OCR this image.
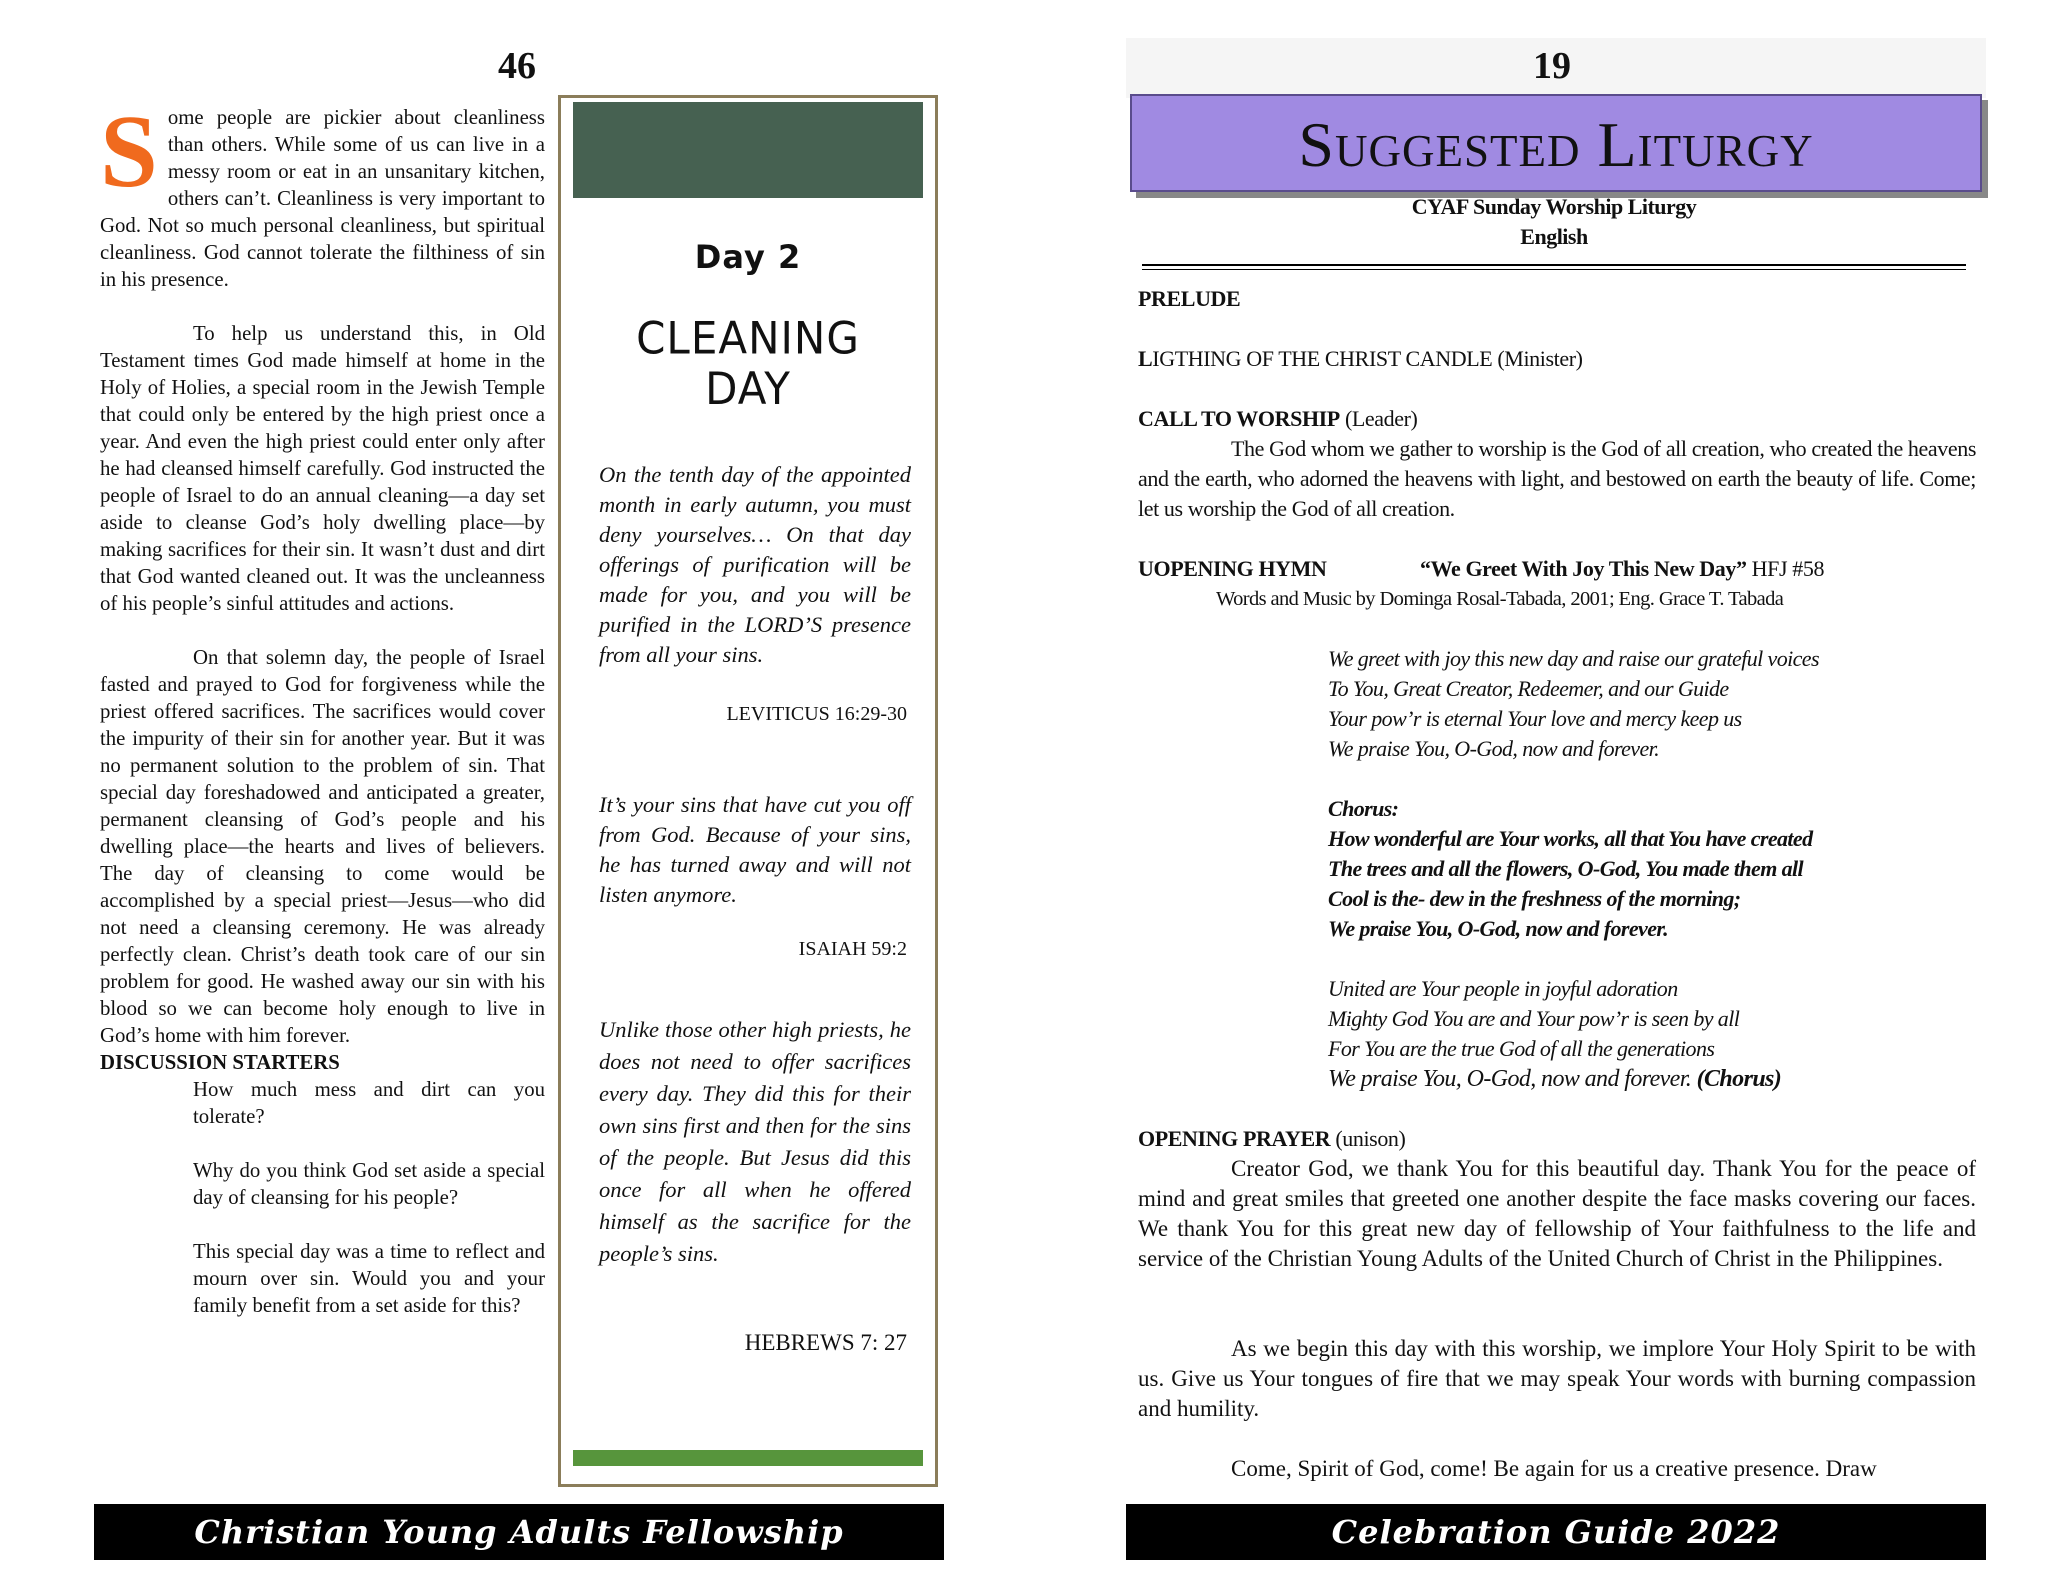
46

Some people are pickier about cleanliness than others. While some of us can live in a messy room or eat in an unsanitary kitchen, others can’t. Cleanliness is very important to God. Not so much personal cleanliness, but spiritual cleanliness. God cannot tolerate the filthiness of sin in his presence.

To help us understand this, in Old Testament times God made himself at home in the Holy of Holies, a special room in the Jewish Temple that could only be entered by the high priest once a year. And even the high priest could enter only after he had cleansed himself carefully. God instructed the people of Israel to do an annual cleaning—a day set aside to cleanse God’s holy dwelling place—by making sacrifices for their sin. It wasn’t dust and dirt that God wanted cleaned out. It was the uncleanness of his people’s sinful attitudes and actions.

On that solemn day, the people of Israel fasted and prayed to God for forgiveness while the priest offered sacrifices. The sacrifices would cover the impurity of their sin for another year. But it was no permanent solution to the problem of sin. That special day foreshadowed and anticipated a greater, permanent cleansing of God’s people and his dwelling place—the hearts and lives of believers. The day of cleansing to come would be accomplished by a special priest—Jesus—who did not need a cleansing ceremony. He was already perfectly clean. Christ’s death took care of our sin problem for good. He washed away our sin with his blood so we can become holy enough to live in God’s home with him forever.

DISCUSSION STARTERS

How much mess and dirt can you tolerate?

Why do you think God set aside a special day of cleansing for his people?

This special day was a time to reflect and mourn over sin. Would you and your family benefit from a set aside for this?

Day 2
CLEANING
DAY
On the tenth day of the appointed month in early autumn, you must deny yourselves… On that day offerings of purification will be made for you, and you will be purified in the LORD’S presence from all your sins.
LEVITICUS 16:29-30
It’s your sins that have cut you off from God. Because of your sins, he has turned away and will not listen anymore.
ISAIAH 59:2
Unlike those other high priests, he does not need to offer sacrifices every day. They did this for their own sins first and then for the sins of the people. But Jesus did this once for all when he offered himself as the sacrifice for the people’s sins.
HEBREWS 7: 27
Christian Young Adults Fellowship
19
Suggested Liturgy
CYAF Sunday Worship Liturgy
English
PRELUDE
LIGTHING OF THE CHRIST CANDLE (Minister)
CALL TO WORSHIP (Leader)
The God whom we gather to worship is the God of all creation, who created the heavens and the earth, who adorned the heavens with light, and bestowed on earth the beauty of life. Come; let us worship the God of all creation.
UOPENING HYMN	“We Greet With Joy This New Day” HFJ #58
Words and Music by Dominga Rosal-Tabada, 2001; Eng. Grace T. Tabada
We greet with joy this new day and raise our grateful voices
To You, Great Creator, Redeemer, and our Guide
Your pow’r is eternal Your love and mercy keep us
We praise You, O-God, now and forever.
Chorus:
How wonderful are Your works, all that You have created
The trees and all the flowers, O-God, You made them all
Cool is the- dew in the freshness of the morning;
We praise You, O-God, now and forever.
United are Your people in joyful adoration
Mighty God You are and Your pow’r is seen by all
For You are the true God of all the generations
We praise You, O-God, now and forever. (Chorus)
OPENING PRAYER (unison)
Creator God, we thank You for this beautiful day. Thank You for the peace of mind and great smiles that greeted one another despite the face masks covering our faces. We thank You for this great new day of fellowship of Your faithfulness to the life and service of the Christian Young Adults of the United Church of Christ in the Philippines.
As we begin this day with this worship, we implore Your Holy Spirit to be with us. Give us Your tongues of fire that we may speak Your words with burning compassion and humility.
Come, Spirit of God, come! Be again for us a creative presence. Draw
Celebration Guide 2022
